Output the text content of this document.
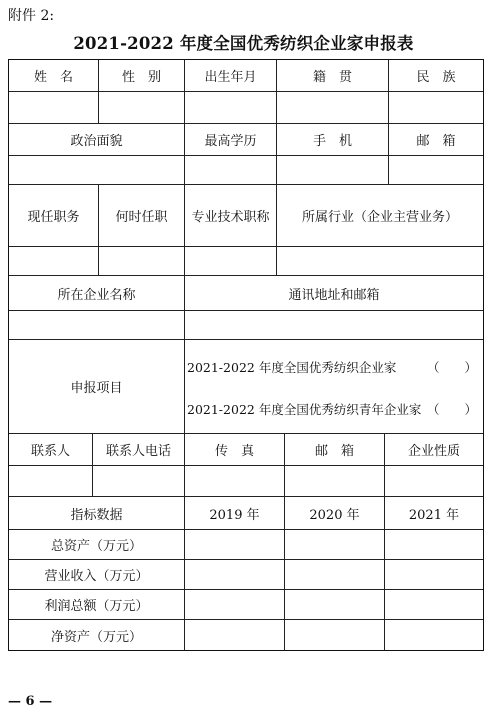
附件 2:
2021-2022 年度全国优秀纺织企业家申报表
姓　名	性　别	出生年月	籍　贯	民　族
政治面貌	最高学历	手　机	邮　箱
现任职务	何时任职	专业技术职称	所属行业（企业主营业务）
所在企业名称	通讯地址和邮箱
申报项目
2021-2022 年度全国优秀纺织企业家 （　　）
2021-2022 年度全国优秀纺织青年企业家 （　　）
联系人	联系人电话	传　真	邮　箱	企业性质
指标数据	2019 年	2020 年	2021 年
总资产（万元）
营业收入（万元）
利润总额（万元）
净资产（万元）
— 6 —
